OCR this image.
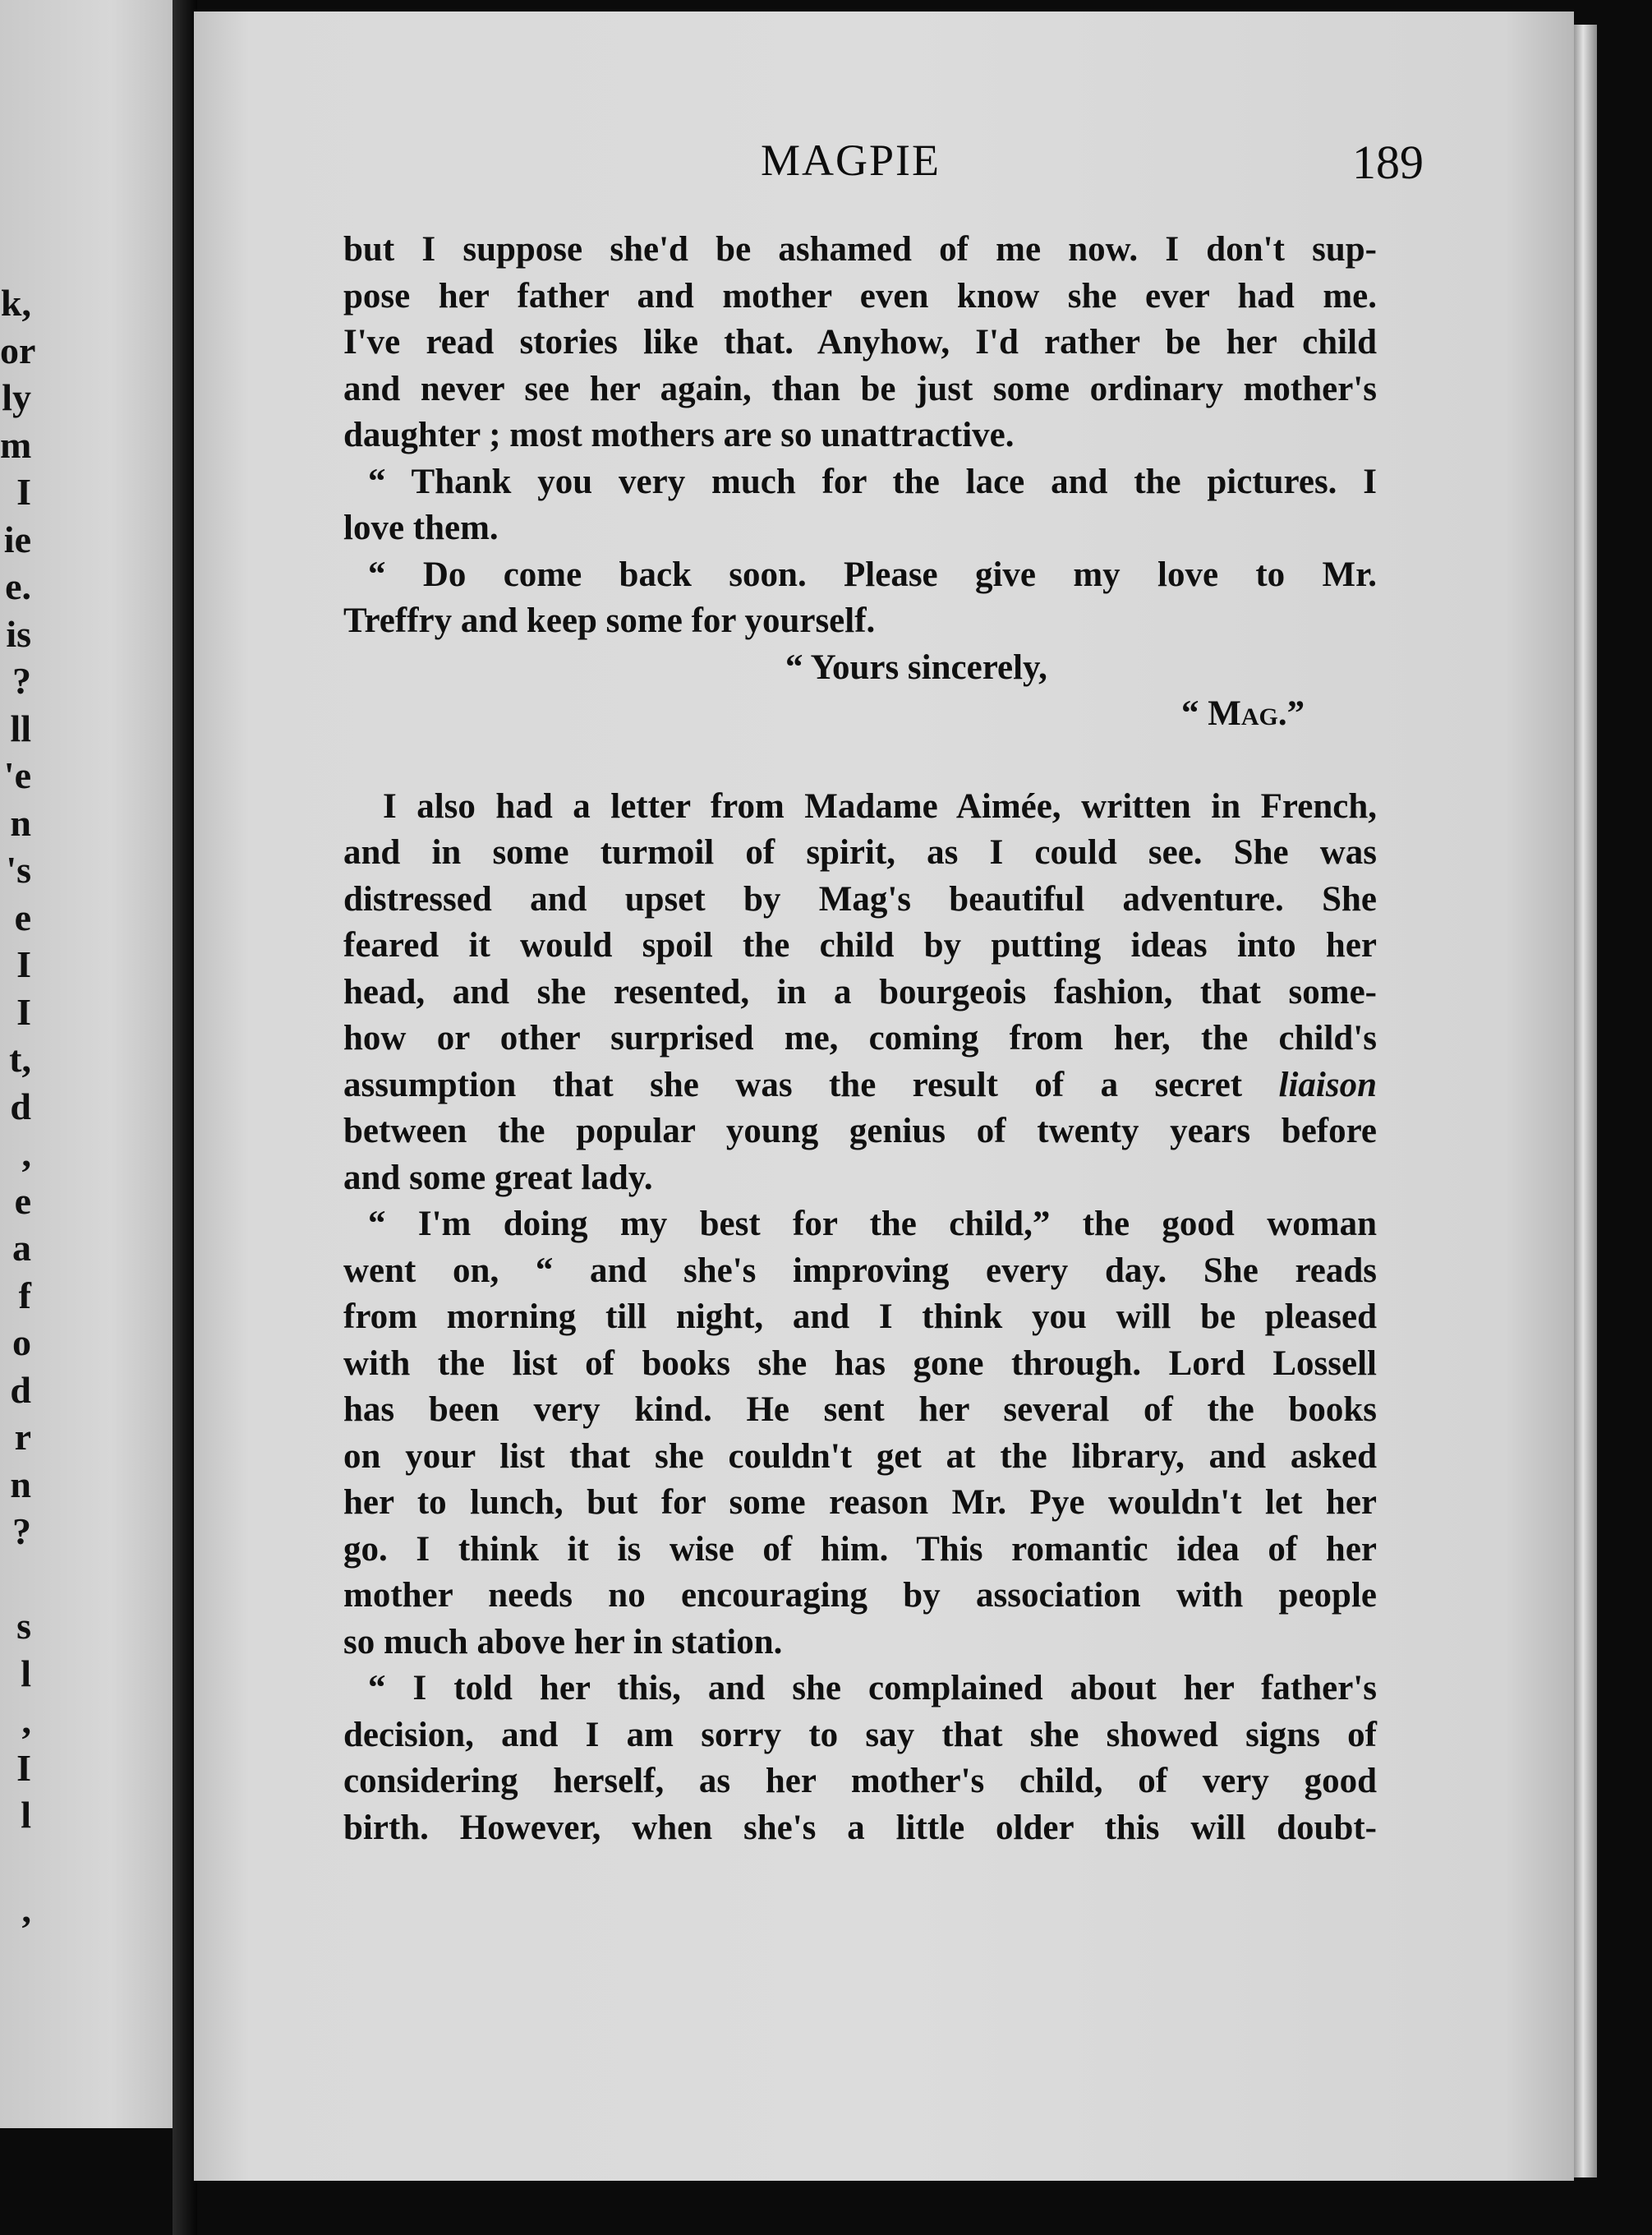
k,
or
ly
m
I
ie
e.
is
?
ll
'e
n
's
e
I
I
t,
d
,
e
a
f
o
d
r
n
?

s
l
,
I
l

,
MAGPIE	189
but I suppose she'd be ashamed of me now. I don't sup-
pose her father and mother even know she ever had me.
I've read stories like that. Anyhow, I'd rather be her child
and never see her again, than be just some ordinary mother's
daughter ; most mothers are so unattractive.
“ Thank you very much for the lace and the pictures. I
love them.
“ Do come back soon. Please give my love to Mr.
Treffry and keep some for yourself.
“ Yours sincerely,
“ Mag.”
I also had a letter from Madame Aimée, written in French,
and in some turmoil of spirit, as I could see. She was
distressed and upset by Mag's beautiful adventure. She
feared it would spoil the child by putting ideas into her
head, and she resented, in a bourgeois fashion, that some-
how or other surprised me, coming from her, the child's
assumption that she was the result of a secret liaison
between the popular young genius of twenty years before
and some great lady.
“ I'm doing my best for the child,” the good woman
went on, “ and she's improving every day. She reads
from morning till night, and I think you will be pleased
with the list of books she has gone through. Lord Lossell
has been very kind. He sent her several of the books
on your list that she couldn't get at the library, and asked
her to lunch, but for some reason Mr. Pye wouldn't let her
go. I think it is wise of him. This romantic idea of her
mother needs no encouraging by association with people
so much above her in station.
“ I told her this, and she complained about her father's
decision, and I am sorry to say that she showed signs of
considering herself, as her mother's child, of very good
birth. However, when she's a little older this will doubt-
